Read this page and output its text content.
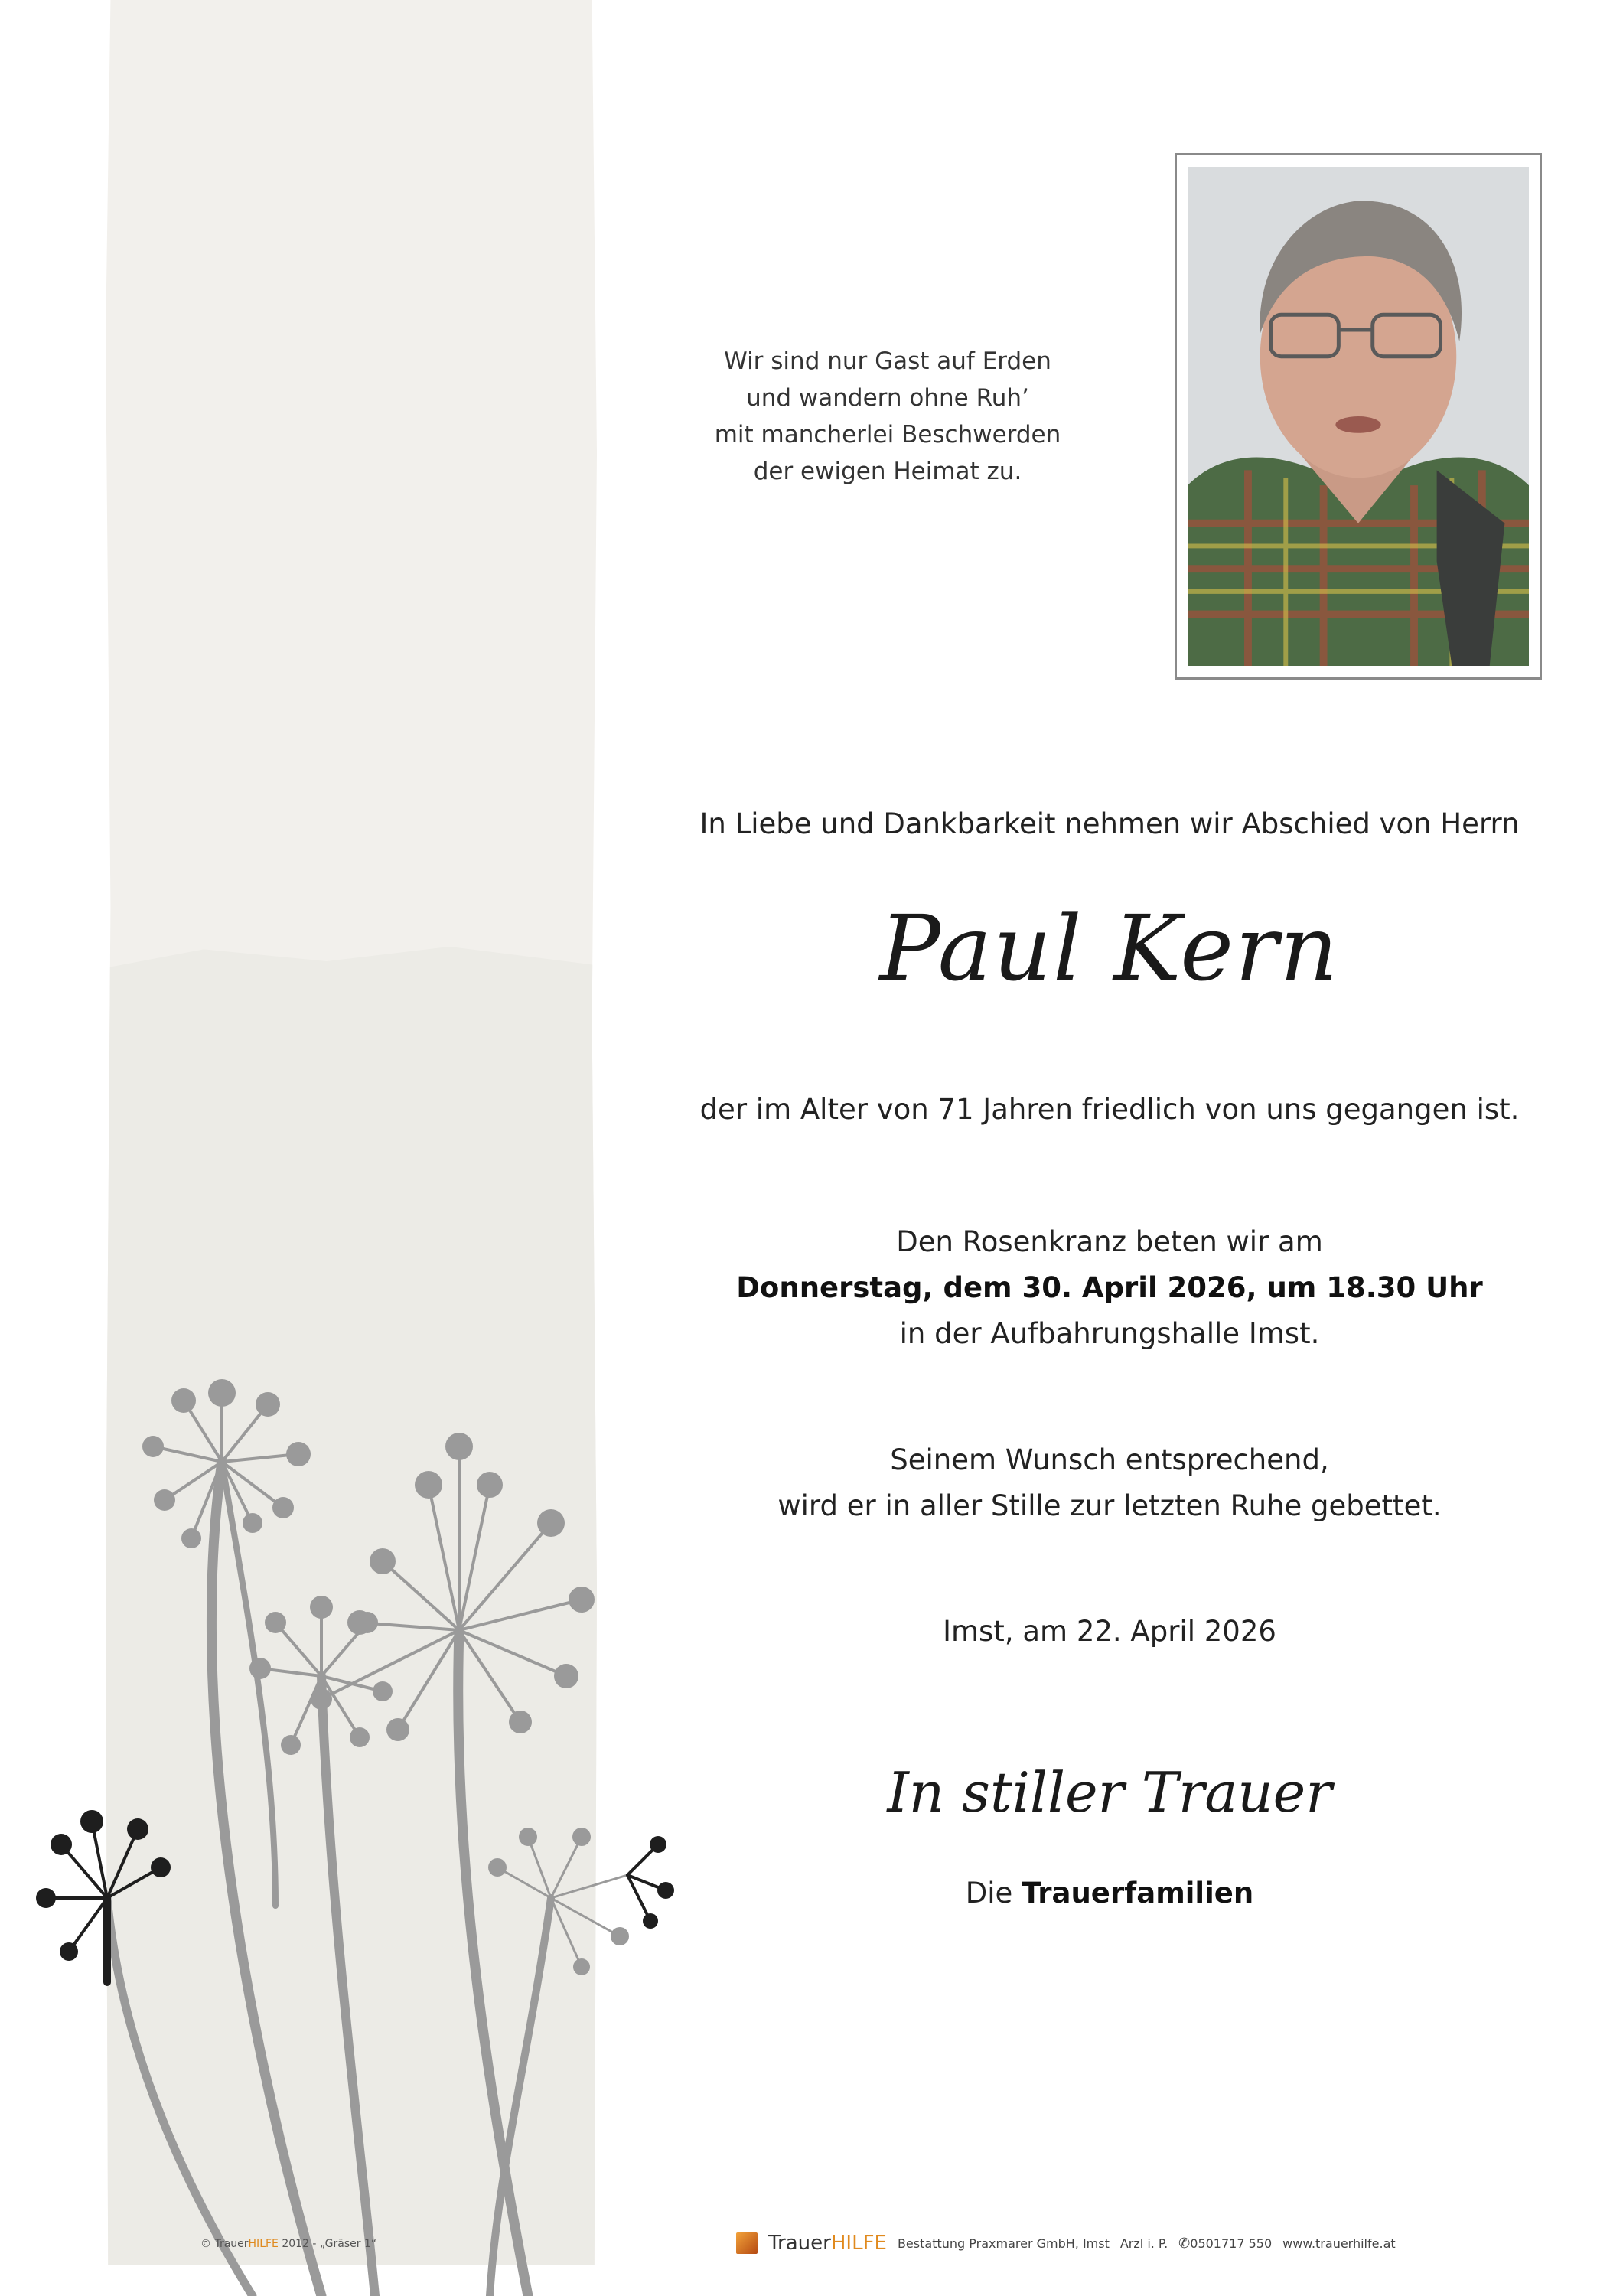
Wir sind nur Gast auf Erden
und wandern ohne Ruh’
mit mancherlei Beschwerden
der ewigen Heimat zu.
In Liebe und Dankbarkeit nehmen wir Abschied von Herrn
Paul Kern
der im Alter von 71 Jahren friedlich von uns gegangen ist.
Den Rosenkranz beten wir am
Donnerstag, dem 30. April 2026, um 18.30 Uhr
in der Aufbahrungshalle Imst.
Seinem Wunsch entsprechend,
wird er in aller Stille zur letzten Ruhe gebettet.
Imst, am 22. April 2026
In stiller Trauer
Die Trauerfamilien
© TrauerHILFE 2012 - „Gräser 1“	TrauerHILFE Bestattung Praxmarer GmbH, Imst Arzl i. P. ✆0501717 550 www.trauerhilfe.at
